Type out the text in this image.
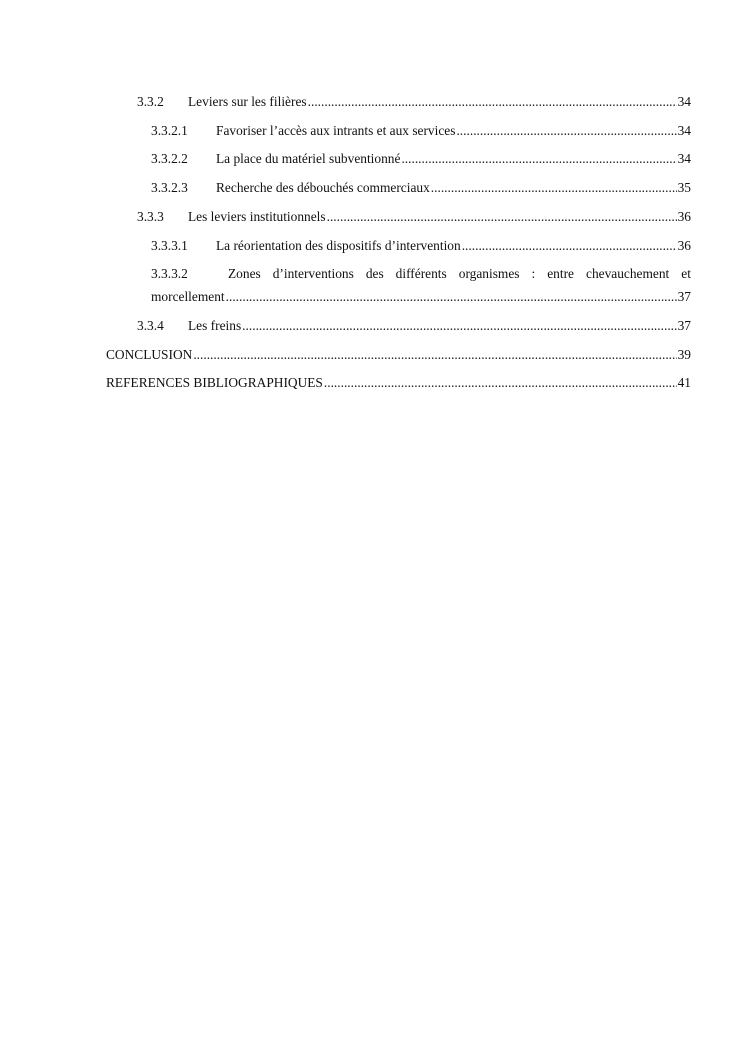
3.3.2	Leviers sur les filières .....	34
3.3.2.1	Favoriser l’accès aux intrants et aux services .....	34
3.3.2.2	La place du matériel subventionné .....	34
3.3.2.3	Recherche des débouchés commerciaux .....	35
3.3.3	Les leviers institutionnels .....	36
3.3.3.1	La réorientation des dispositifs d’intervention .....	36
3.3.3.2	Zones d’interventions des différents organismes : entre chevauchement et
morcellement .....	37
3.3.4	Les freins .....	37
CONCLUSION .....	39
REFERENCES BIBLIOGRAPHIQUES .....	41
